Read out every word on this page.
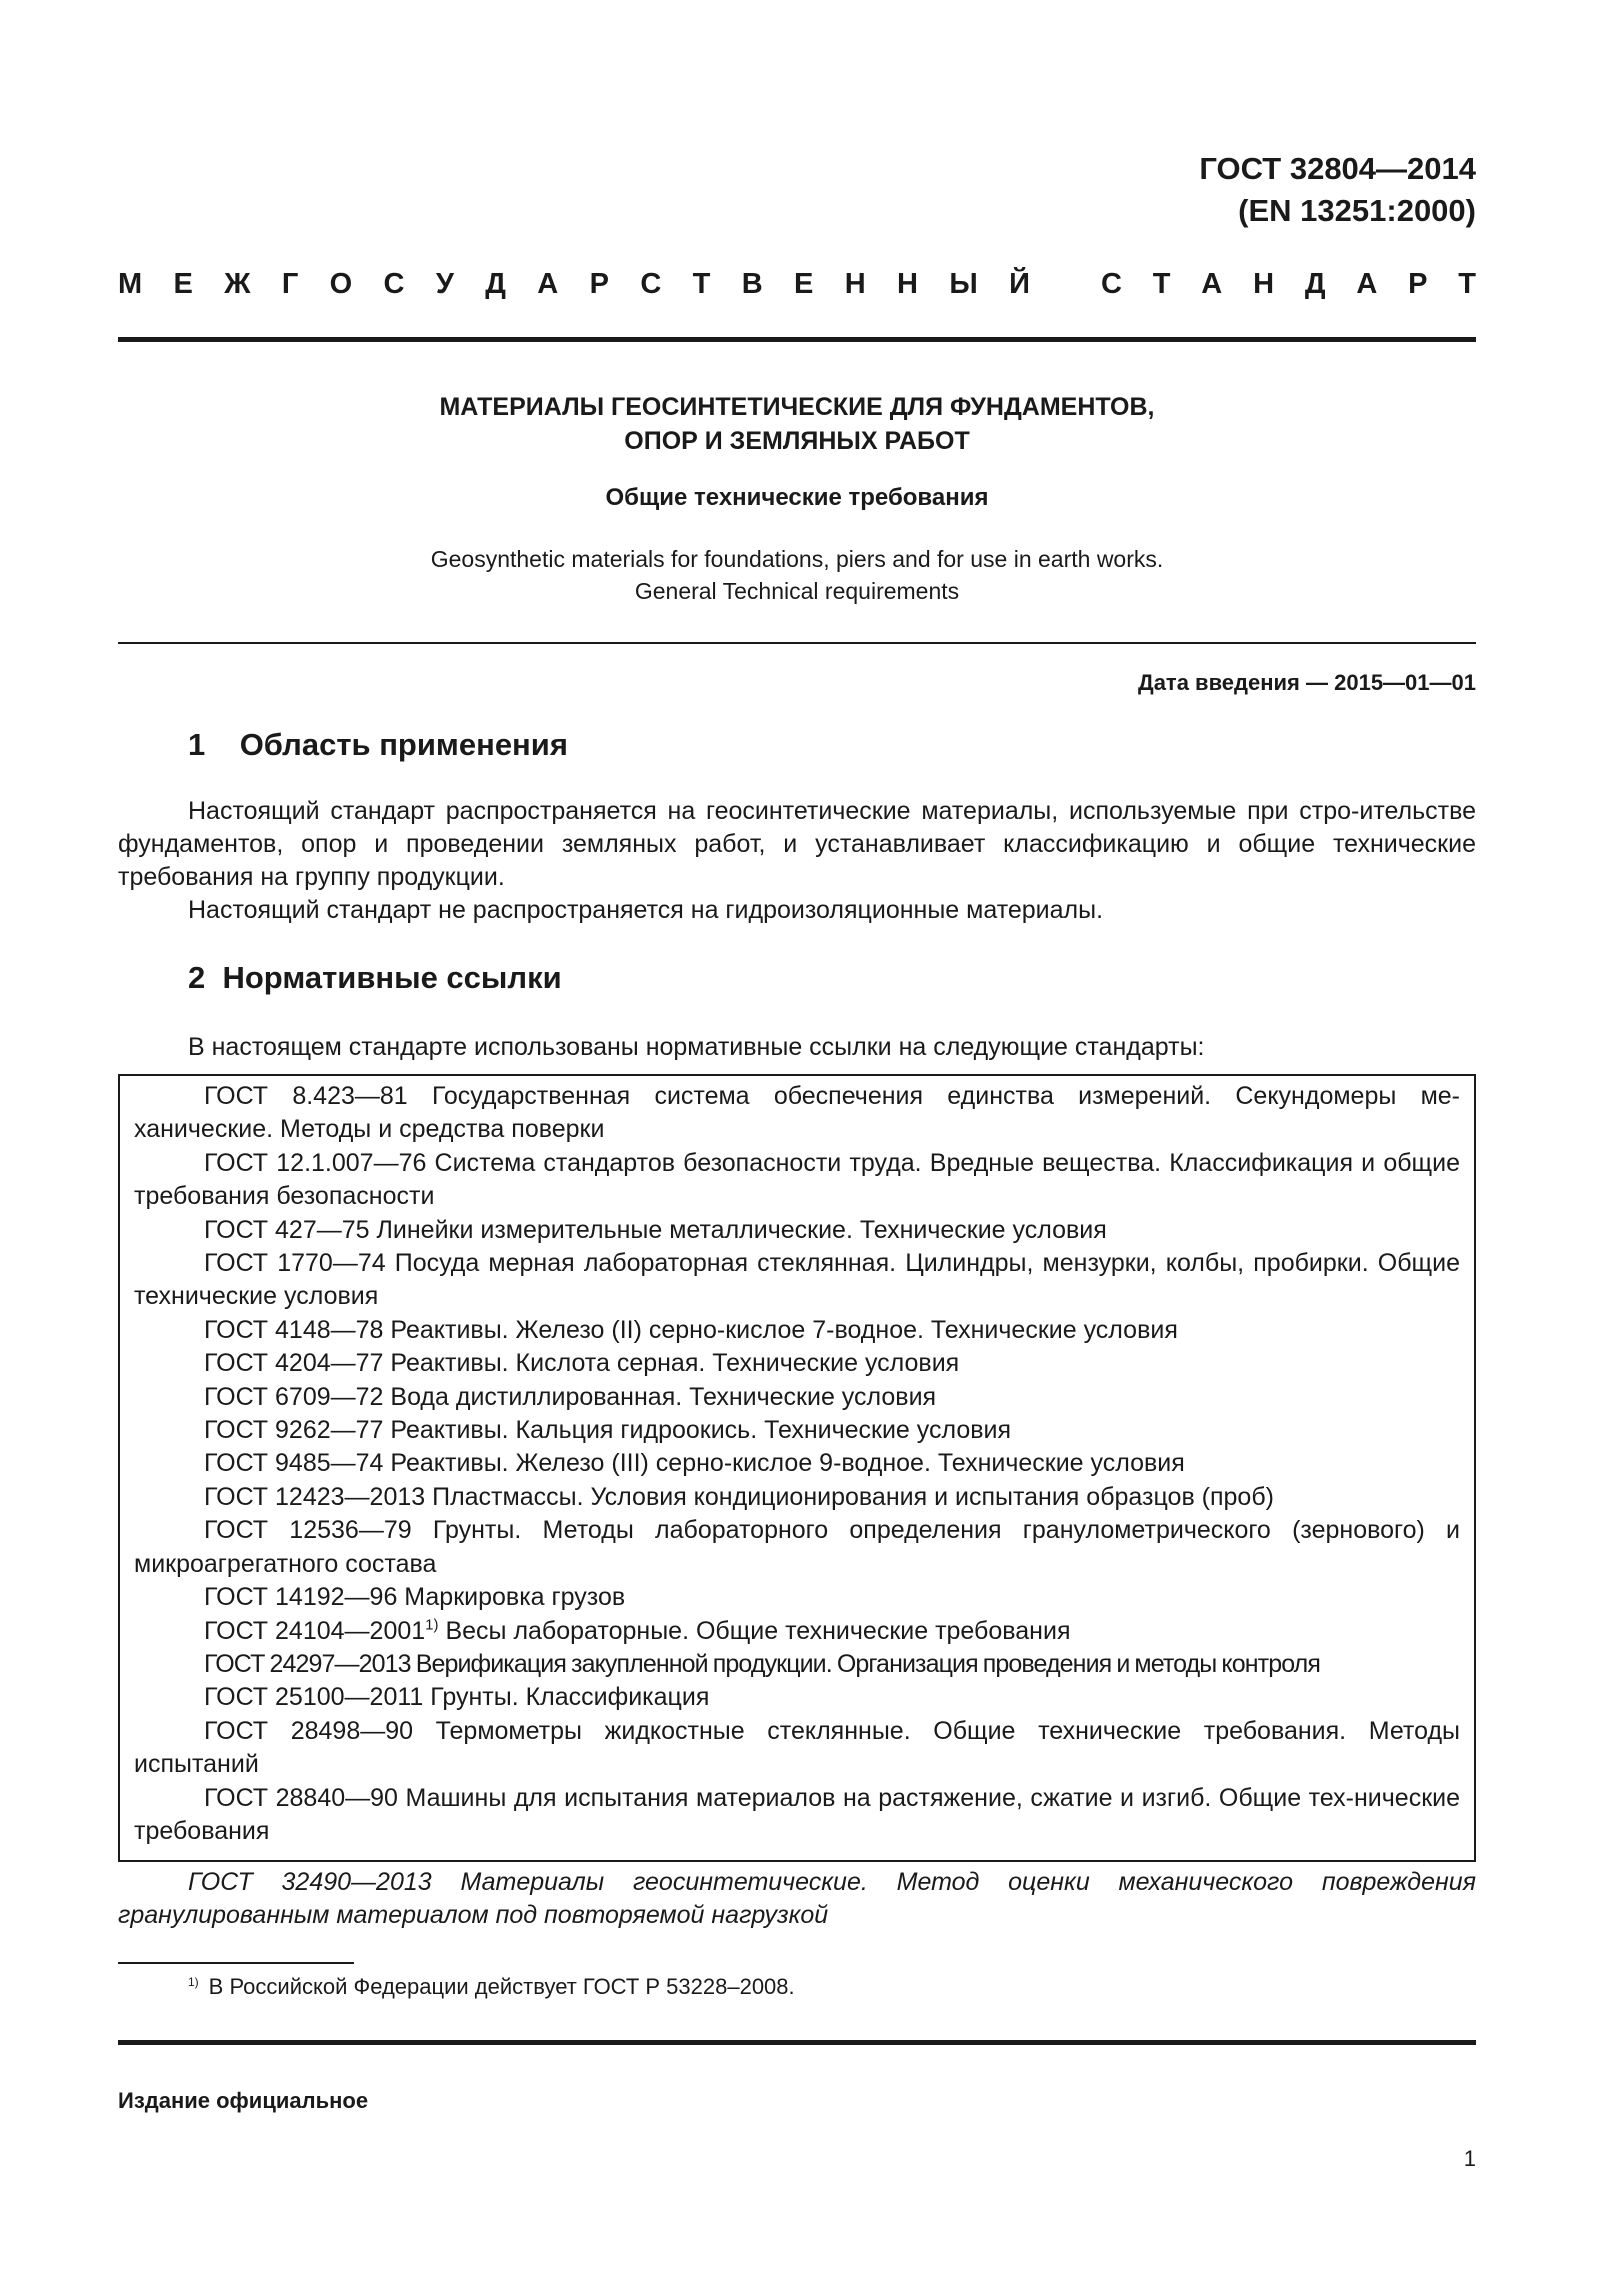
ГОСТ 32804—2014
(EN 13251:2000)
М Е Ж Г О С У Д А Р С Т В Е Н Н Ы Й С Т А Н Д А Р Т
МАТЕРИАЛЫ ГЕОСИНТЕТИЧЕСКИЕ ДЛЯ ФУНДАМЕНТОВ,
ОПОР И ЗЕМЛЯНЫХ РАБОТ
Общие технические требования
Geosynthetic materials for foundations, piers and for use in earth works.
General Technical requirements
Дата введения — 2015—01—01
1    Область применения

Настоящий стандарт распространяется на геосинтетические материалы, используемые при стро-ительстве фундаментов, опор и проведении земляных работ, и устанавливает классификацию и общие технические требования на группу продукции.

Настоящий стандарт не распространяется на гидроизоляционные материалы.

2  Нормативные ссылки

В настоящем стандарте использованы нормативные ссылки на следующие стандарты:

ГОСТ 8.423—81 Государственная система обеспечения единства измерений. Секундомеры ме-ханические. Методы и средства поверки

ГОСТ 12.1.007—76 Система стандартов безопасности труда. Вредные вещества. Классификация и общие требования безопасности

ГОСТ 427—75 Линейки измерительные металлические. Технические условия

ГОСТ 1770—74 Посуда мерная лабораторная стеклянная. Цилиндры, мензурки, колбы, пробирки. Общие технические условия

ГОСТ 4148—78 Реактивы. Железо (II) серно-кислое 7-водное. Технические условия

ГОСТ 4204—77 Реактивы. Кислота серная. Технические условия

ГОСТ 6709—72 Вода дистиллированная. Технические условия

ГОСТ 9262—77 Реактивы. Кальция гидроокись. Технические условия

ГОСТ 9485—74 Реактивы. Железо (III) серно-кислое 9-водное. Технические условия

ГОСТ 12423—2013 Пластмассы. Условия кондиционирования и испытания образцов (проб)

ГОСТ 12536—79 Грунты. Методы лабораторного определения гранулометрического (зернового) и микроагрегатного состава

ГОСТ 14192—96 Маркировка грузов

ГОСТ 24104—2001$^{1)}$ Весы лабораторные. Общие технические требования

ГОСТ 24297—2013 Верификация закупленной продукции. Организация проведения и методы контроля

ГОСТ 25100—2011 Грунты. Классификация

ГОСТ 28498—90 Термометры жидкостные стеклянные. Общие технические требования. Методы испытаний

ГОСТ 28840—90 Машины для испытания материалов на растяжение, сжатие и изгиб. Общие тех-нические требования

ГОСТ 32490—2013 Материалы геосинтетические. Метод оценки механического повреждения гранулированным материалом под повторяемой нагрузкой

$^{1)}$ В Российской Федерации действует ГОСТ Р 53228–2008.
Издание официальное
1
